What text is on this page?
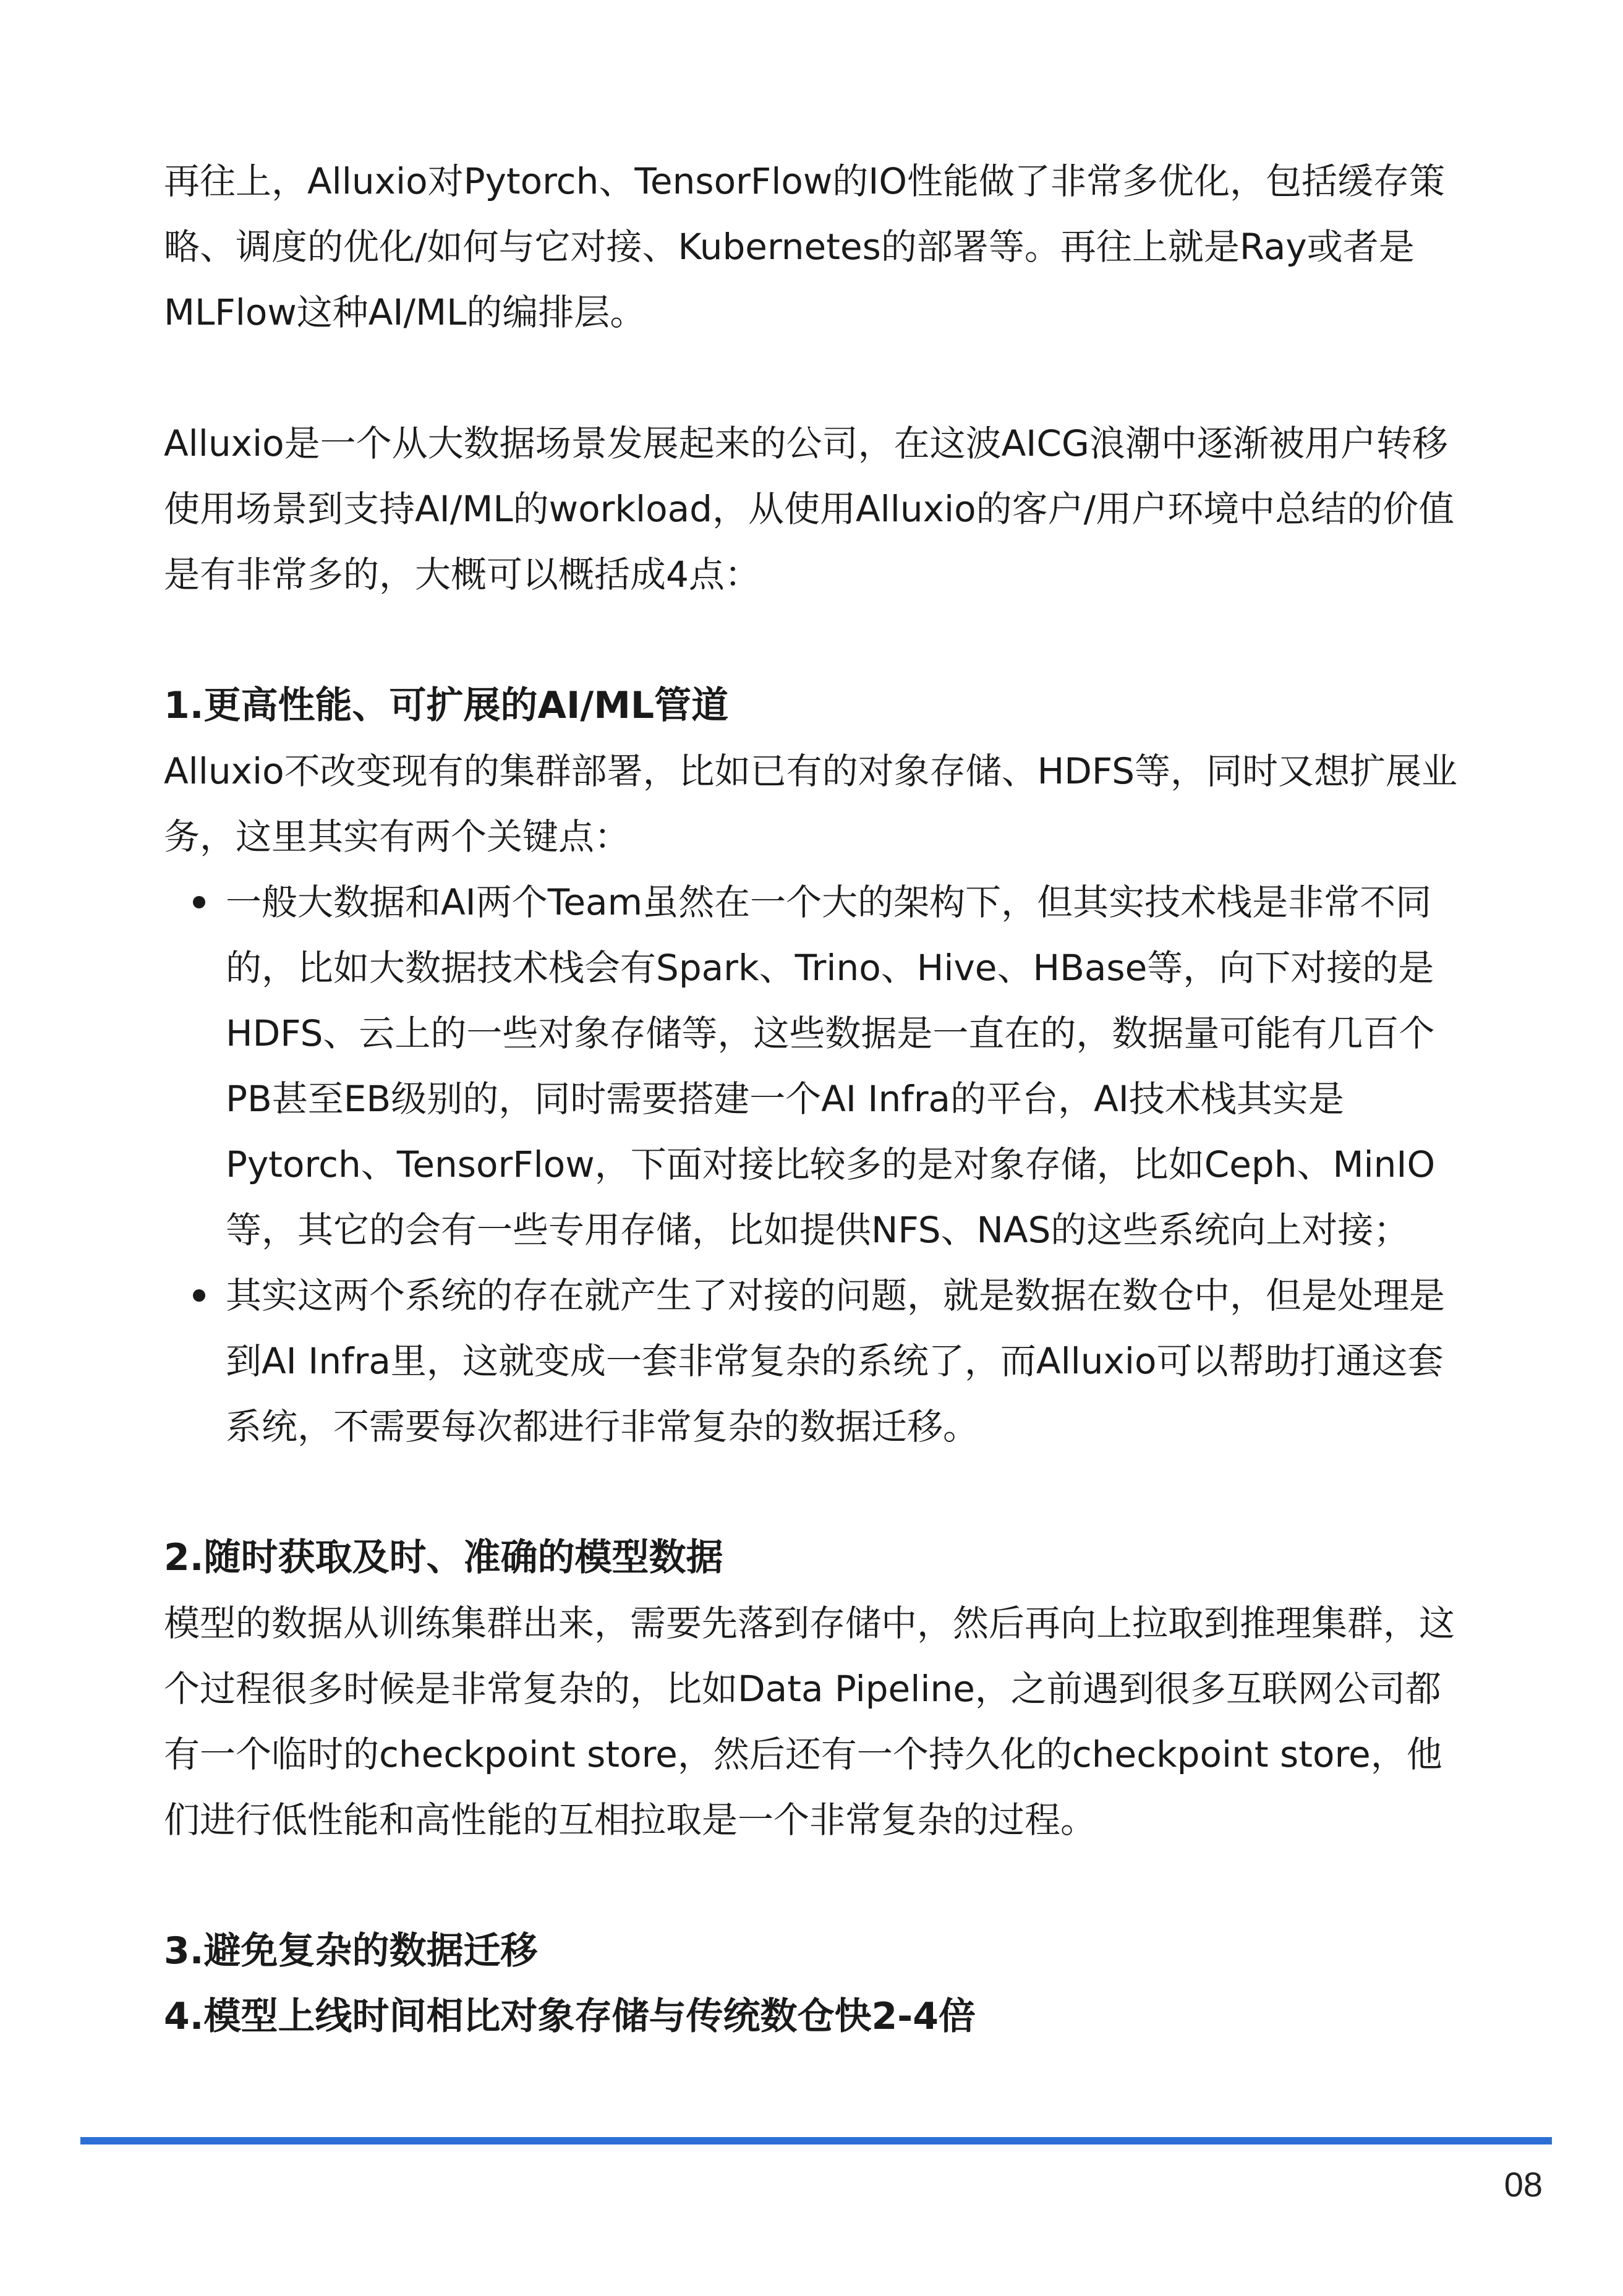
再往上，Alluxio对Pytorch、TensorFlow的IO性能做了非常多优化，包括缓存策略、调度的优化/如何与它对接、Kubernetes的部署等。再往上就是Ray或者是MLFlow这种AI/ML的编排层。

Alluxio是一个从大数据场景发展起来的公司，在这波AICG浪潮中逐渐被用户转移使用场景到支持AI/ML的workload，从使用Alluxio的客户/用户环境中总结的价值是有非常多的，大概可以概括成4点：

1.更高性能、可扩展的AI/ML管道

Alluxio不改变现有的集群部署，比如已有的对象存储、HDFS等，同时又想扩展业务，这里其实有两个关键点：

一般大数据和AI两个Team虽然在一个大的架构下，但其实技术栈是非常不同的，比如大数据技术栈会有Spark、Trino、Hive、HBase等，向下对接的是HDFS、云上的一些对象存储等，这些数据是一直在的，数据量可能有几百个PB甚至EB级别的，同时需要搭建一个AI Infra的平台，AI技术栈其实是Pytorch、TensorFlow，下面对接比较多的是对象存储，比如Ceph、MinIO等，其它的会有一些专用存储，比如提供NFS、NAS的这些系统向上对接；
其实这两个系统的存在就产生了对接的问题，就是数据在数仓中，但是处理是到AI Infra里，这就变成一套非常复杂的系统了，而Alluxio可以帮助打通这套系统，不需要每次都进行非常复杂的数据迁移。
2.随时获取及时、准确的模型数据

模型的数据从训练集群出来，需要先落到存储中，然后再向上拉取到推理集群，这个过程很多时候是非常复杂的，比如Data Pipeline，之前遇到很多互联网公司都有一个临时的checkpoint store，然后还有一个持久化的checkpoint store，他们进行低性能和高性能的互相拉取是一个非常复杂的过程。

3.避免复杂的数据迁移
4.模型上线时间相比对象存储与传统数仓快2-4倍
08
